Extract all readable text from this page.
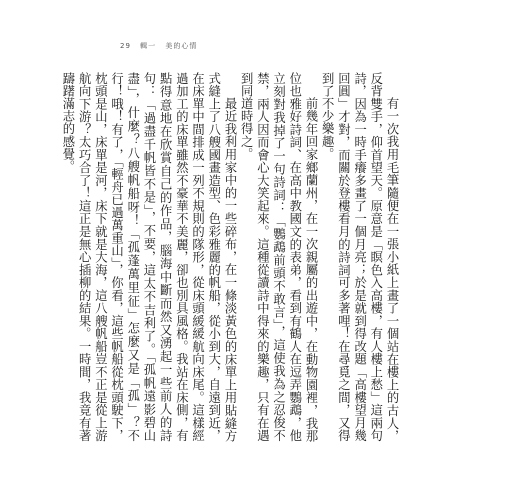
29 輯一 美的心情

有一次我用毛筆隨便在一張小紙上畫了一個站在樓上的古人，反背雙手，仰首望天。原意是「瞑色入高樓，有人樓上愁」這兩句詩，因為一時手癢多畫了一個月亮；於是就到得改題「高樓望月幾回圓」才對，而關於登樓看月的詩詞可多著哩！在尋覓之間，又得到了不少樂趣。

前幾年回家鄉蘭州，在一次親屬的出遊中，在動物園裡，我那位也雅好詩詞、在高中教國文的表弟，看到有鶴人在逗弄鸚鵡，他立刻對我掉了一句詩詞：「鸚鵡前頭不敢言」，這使我為之忍俊不禁，兩人因而會心大笑起來。這種從讀詩中得來的樂趣，只有在遇到同道時得之。

最近我利用家中的一些碎布，在一條淡黃色的床單上用貼縫方式縫上了八艘國畫造型、色彩雅麗的帆船，從小到大，自遠到近，在床單中間排成一列不規則的隊形，從床頭緩緩航向床尾。這樣經過加工的床單雖然不豪華不美麗，卻也別具風格。我站在床側，有點得意地在欣賞自己的作品，腦海中斷而然又湧起一些前人的詩句：「過盡千帆皆不是」，不要，這太不吉利了。「孤帆遠影碧山盡」，什麼？八艘帆船呀！「孤蓬萬里征」怎麼又是「孤」？不行！哦！有了，「輕舟已過萬重山」，你看，這些帆船從枕頭駛下，枕頭是山，床單是河，床下就是大海，這八艘帆船豈不正是從上游航向下游？太巧合了！這正是無心插柳的結果。一時間，我竟有著躊躇滿志的感覺。
